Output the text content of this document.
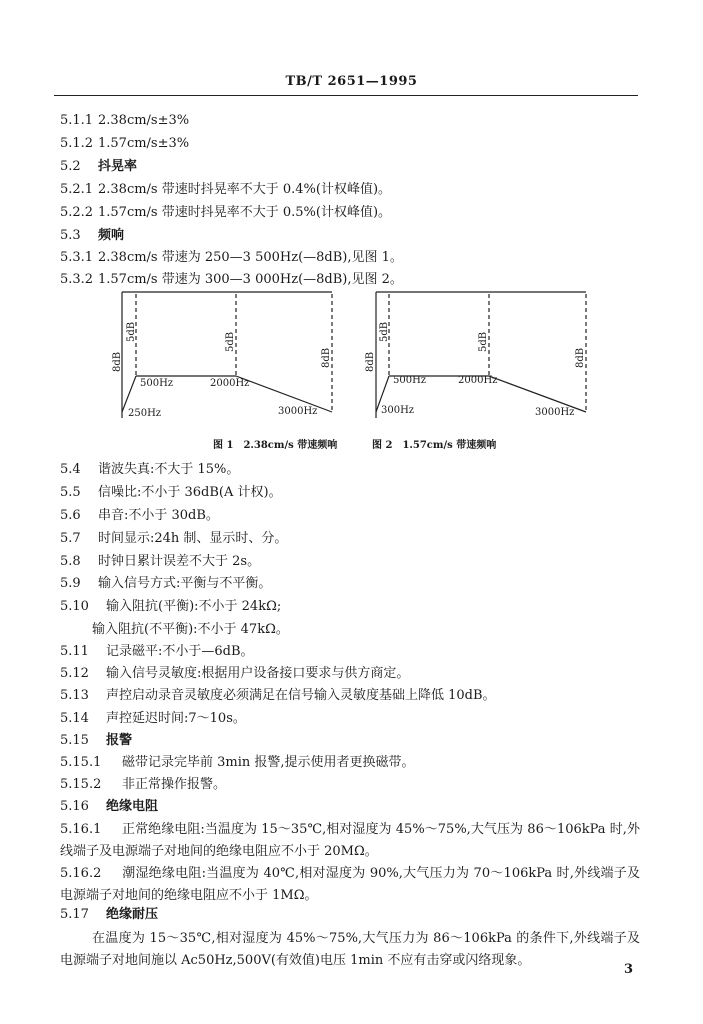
TB/T 2651—1995
5.1.1 2.38cm/s±3%
5.1.2 1.57cm/s±3%
5.2 抖晃率
5.2.1 2.38cm/s 带速时抖晃率不大于 0.4%(计权峰值)。
5.2.2 1.57cm/s 带速时抖晃率不大于 0.5%(计权峰值)。
5.3 频响
5.3.1 2.38cm/s 带速为 250—3 500Hz(—8dB),见图 1。
5.3.2 1.57cm/s 带速为 300—3 000Hz(—8dB),见图 2。
8dB
5dB	5dB
8dB
500Hz	2000Hz
250Hz	3000Hz
8dB
5dB	5dB
8dB
500Hz	2000Hz
300Hz	3000Hz
图 1　2.38cm/s 带速频响	图 2　1.57cm/s 带速频响
5.4 谐波失真:不大于 15%。
5.5 信噪比:不小于 36dB(A 计权)。
5.6 串音:不小于 30dB。
5.7 时间显示:24h 制、显示时、分。
5.8 时钟日累计误差不大于 2s。
5.9 输入信号方式:平衡与不平衡。
5.10 输入阻抗(平衡):不小于 24kΩ;
输入阻抗(不平衡):不小于 47kΩ。
5.11 记录磁平:不小于—6dB。
5.12 输入信号灵敏度:根据用户设备接口要求与供方商定。
5.13 声控启动录音灵敏度必须满足在信号输入灵敏度基础上降低 10dB。
5.14 声控延迟时间:7～10s。
5.15 报警
5.15.1 磁带记录完毕前 3min 报警,提示使用者更换磁带。
5.15.2 非正常操作报警。
5.16 绝缘电阻
5.16.1 正常绝缘电阻:当温度为 15～35℃,相对湿度为 45%～75%,大气压为 86～106kPa 时,外线端子及电源端子对地间的绝缘电阻应不小于 20MΩ。
5.16.2 潮湿绝缘电阻:当温度为 40℃,相对湿度为 90%,大气压力为 70～106kPa 时,外线端子及电源端子对地间的绝缘电阻应不小于 1MΩ。
5.17 绝缘耐压
在温度为 15～35℃,相对湿度为 45%～75%,大气压力为 86～106kPa 的条件下,外线端子及电源端子对地间施以 Ac50Hz,500V(有效值)电压 1min 不应有击穿或闪络现象。
3
